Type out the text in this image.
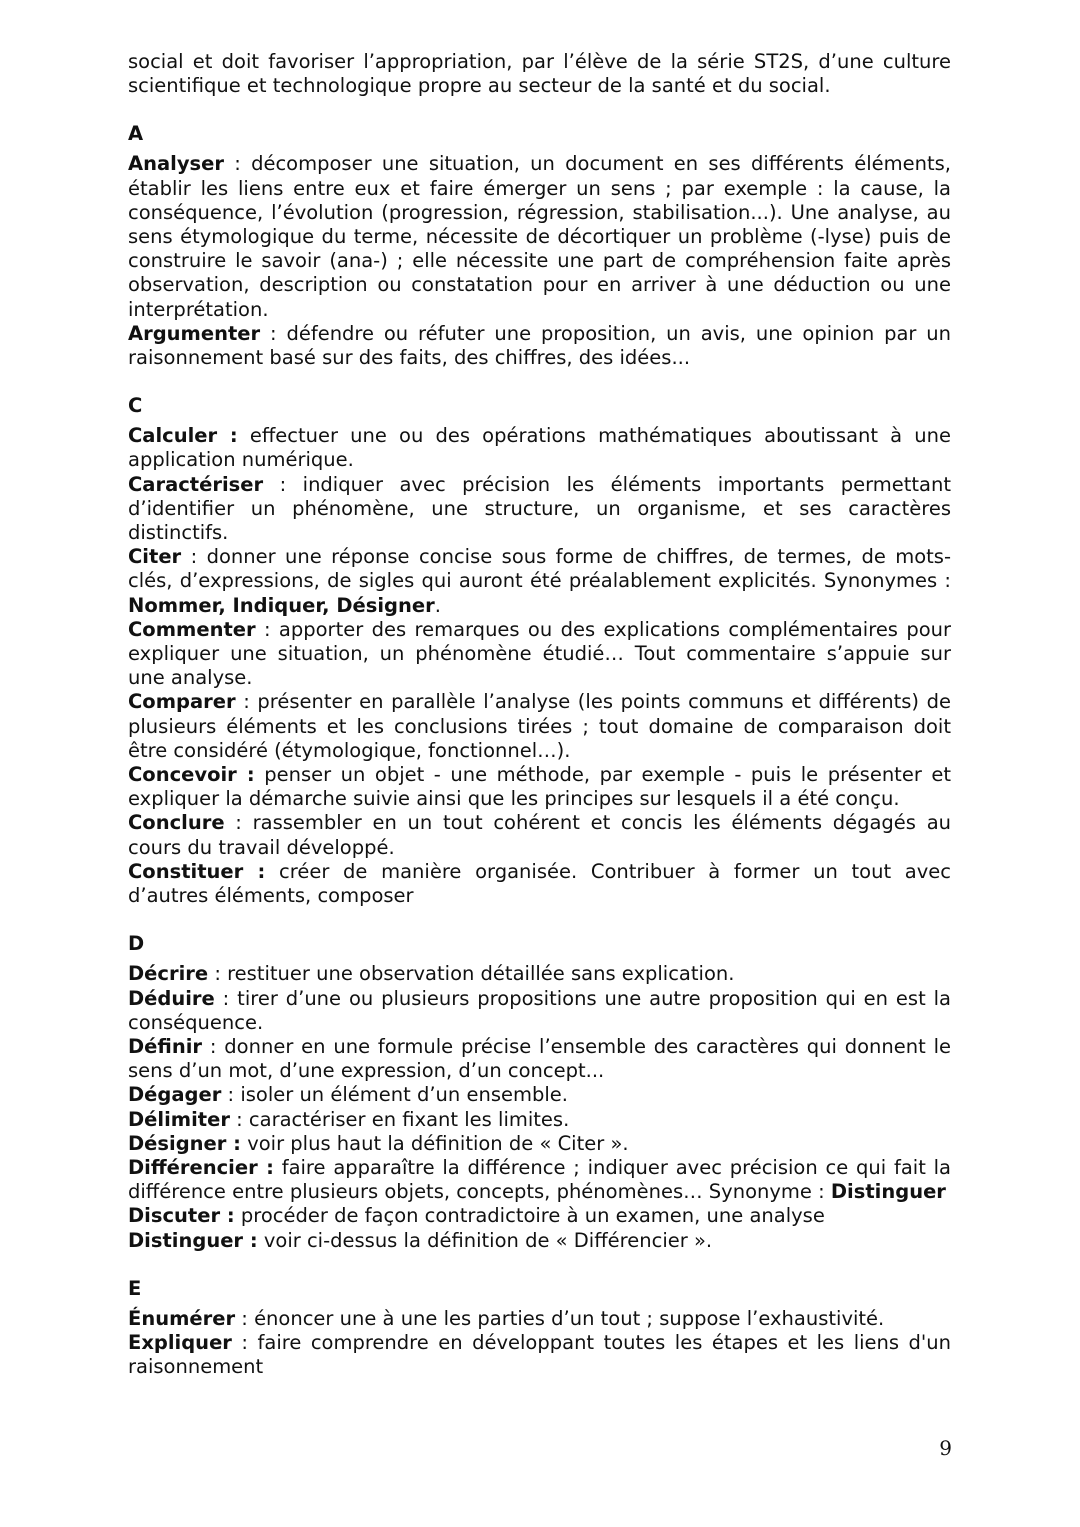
social et doit favoriser l’appropriation, par l’élève de la série ST2S, d’une culture scientifique et technologique propre au secteur de la santé et du social.

A

Analyser : décomposer une situation, un document en ses différents éléments, établir les liens entre eux et faire émerger un sens ; par exemple : la cause, la conséquence, l’évolution (progression, régression, stabilisation...). Une analyse, au sens étymologique du terme, nécessite de décortiquer un problème (-lyse) puis de construire le savoir (ana-) ; elle nécessite une part de compréhension faite après observation, description ou constatation pour en arriver à une déduction ou une interprétation.

Argumenter : défendre ou réfuter une proposition, un avis, une opinion par un raisonnement basé sur des faits, des chiffres, des idées...

C

Calculer : effectuer une ou des opérations mathématiques aboutissant à une application numérique.

Caractériser : indiquer avec précision les éléments importants permettant d’identifier un phénomène, une structure, un organisme, et ses caractères distinctifs.

Citer : donner une réponse concise sous forme de chiffres, de termes, de mots-clés, d’expressions, de sigles qui auront été préalablement explicités. Synonymes : Nommer, Indiquer, Désigner.

Commenter : apporter des remarques ou des explications complémentaires pour expliquer une situation, un phénomène étudié… Tout commentaire s’appuie sur une analyse.

Comparer : présenter en parallèle l’analyse (les points communs et différents) de plusieurs éléments et les conclusions tirées ; tout domaine de comparaison doit être considéré (étymologique, fonctionnel…).

Concevoir : penser un objet - une méthode, par exemple - puis le présenter et expliquer la démarche suivie ainsi que les principes sur lesquels il a été conçu.

Conclure : rassembler en un tout cohérent et concis les éléments dégagés au cours du travail développé.

Constituer : créer de manière organisée. Contribuer à former un tout avec d’autres éléments, composer

D

Décrire : restituer une observation détaillée sans explication.

Déduire : tirer d’une ou plusieurs propositions une autre proposition qui en est la conséquence.

Définir : donner en une formule précise l’ensemble des caractères qui donnent le sens d’un mot, d’une expression, d’un concept...

Dégager : isoler un élément d’un ensemble.

Délimiter : caractériser en fixant les limites.

Désigner : voir plus haut la définition de « Citer ».

Différencier : faire apparaître la différence ; indiquer avec précision ce qui fait la différence entre plusieurs objets, concepts, phénomènes… Synonyme : Distinguer

Discuter : procéder de façon contradictoire à un examen, une analyse

Distinguer : voir ci-dessus la définition de « Différencier ».

E

Énumérer : énoncer une à une les parties d’un tout ; suppose l’exhaustivité.

Expliquer : faire comprendre en développant toutes les étapes et les liens d'un raisonnement

9
